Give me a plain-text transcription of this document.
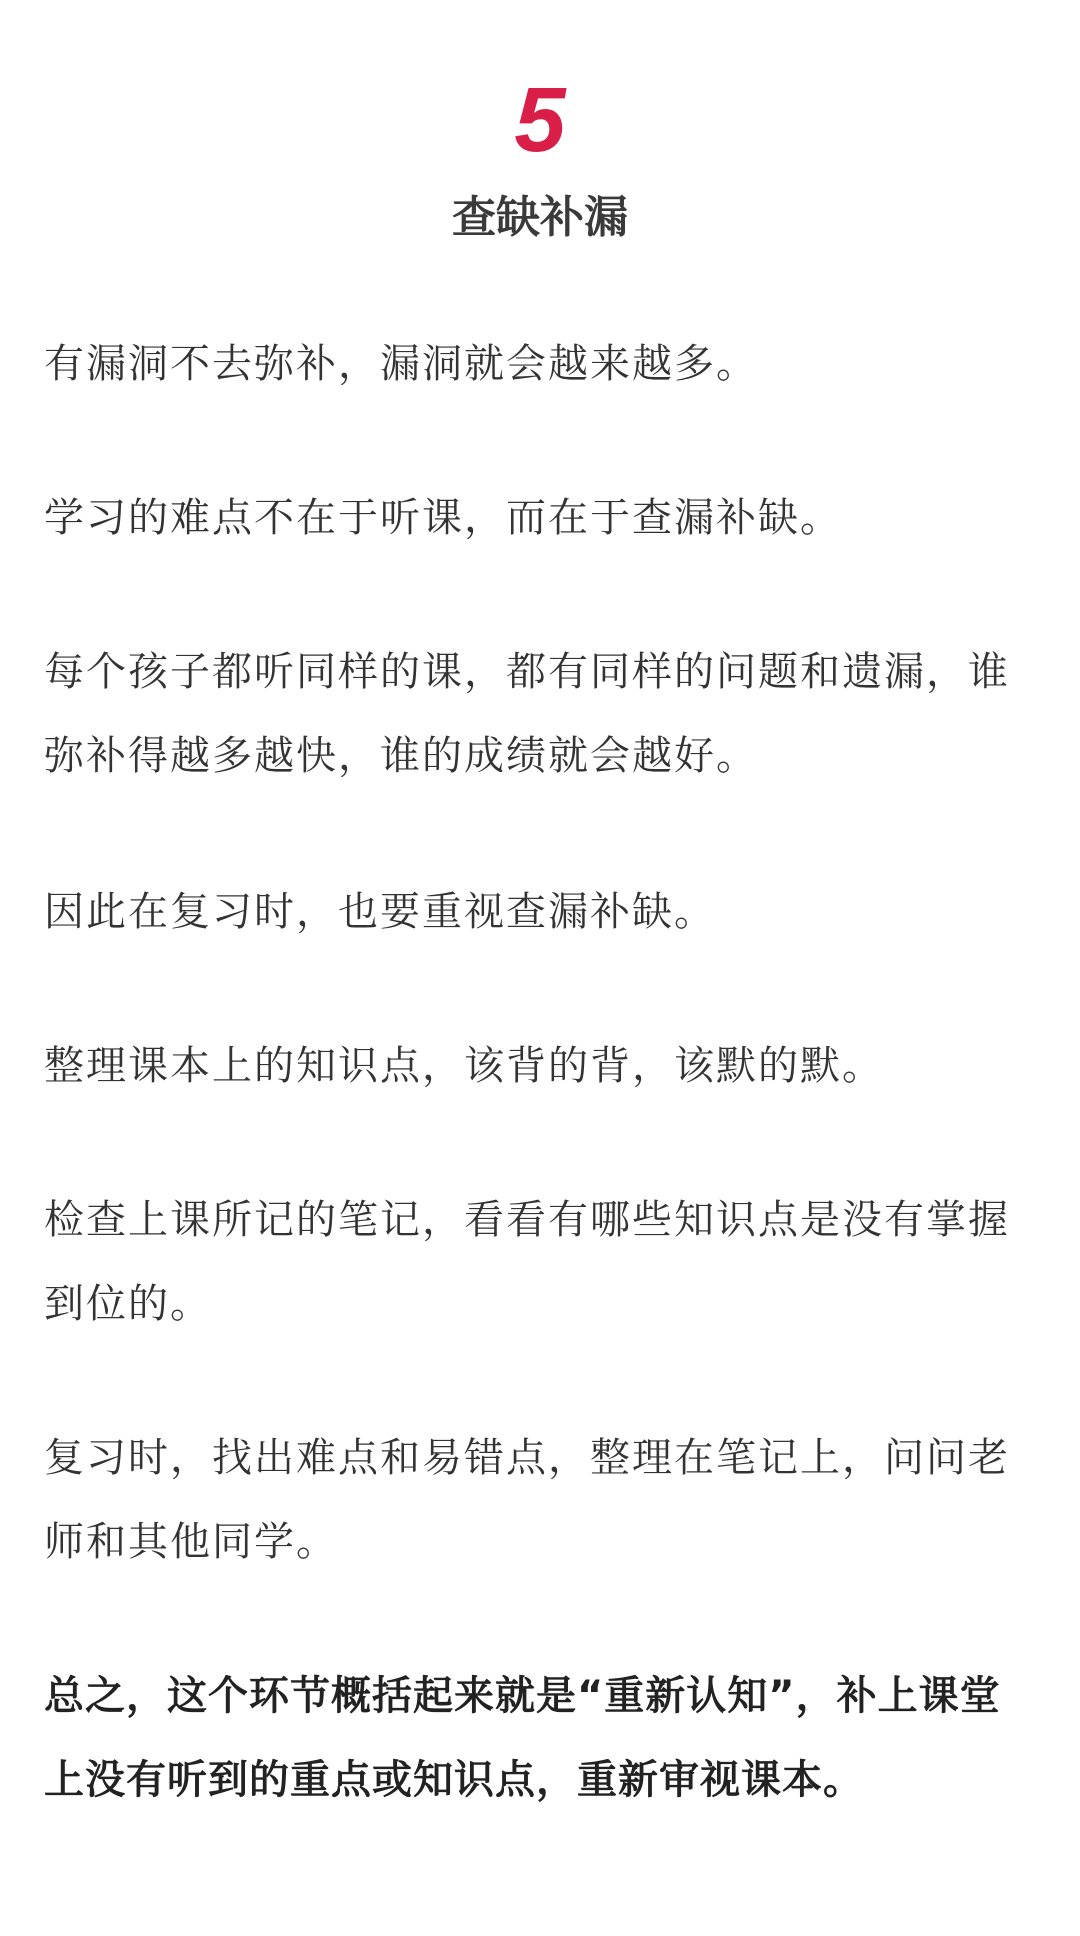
5
查缺补漏

有漏洞不去弥补，漏洞就会越来越多。

学习的难点不在于听课，而在于查漏补缺。

每个孩子都听同样的课，都有同样的问题和遗漏，谁弥补得越多越快，谁的成绩就会越好。

因此在复习时，也要重视查漏补缺。

整理课本上的知识点，该背的背，该默的默。

检查上课所记的笔记，看看有哪些知识点是没有掌握到位的。

复习时，找出难点和易错点，整理在笔记上，问问老师和其他同学。

总之，这个环节概括起来就是“重新认知”，补上课堂上没有听到的重点或知识点，重新审视课本。
